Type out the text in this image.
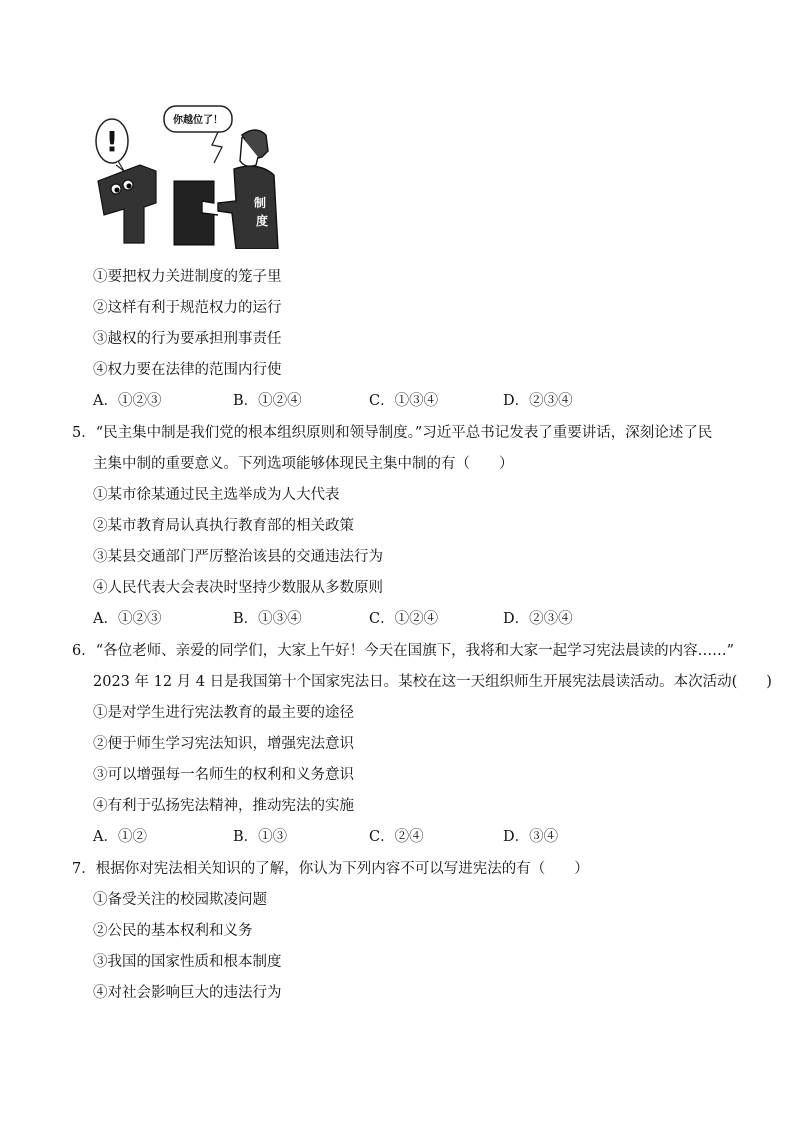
你越位了！
!
制
度
①要把权力关进制度的笼子里
②这样有利于规范权力的运行
③越权的行为要承担刑事责任
④权力要在法律的范围内行使
A．①②③	B．①②④	C．①③④	D．②③④
5．“民主集中制是我们党的根本组织原则和领导制度。”习近平总书记发表了重要讲话，深刻论述了民
主集中制的重要意义。下列选项能够体现民主集中制的有（　　）
①某市徐某通过民主选举成为人大代表
②某市教育局认真执行教育部的相关政策
③某县交通部门严厉整治该县的交通违法行为
④人民代表大会表决时坚持少数服从多数原则
A．①②③	B．①③④	C．①②④	D．②③④
6．“各位老师、亲爱的同学们，大家上午好！今天在国旗下，我将和大家一起学习宪法晨读的内容……”
2023 年 12 月 4 日是我国第十个国家宪法日。某校在这一天组织师生开展宪法晨读活动。本次活动(　　)
①是对学生进行宪法教育的最主要的途径
②便于师生学习宪法知识，增强宪法意识
③可以增强每一名师生的权利和义务意识
④有利于弘扬宪法精神，推动宪法的实施
A．①②	B．①③	C．②④	D．③④
7．根据你对宪法相关知识的了解，你认为下列内容不可以写进宪法的有（　　）
①备受关注的校园欺凌问题
②公民的基本权利和义务
③我国的国家性质和根本制度
④对社会影响巨大的违法行为
